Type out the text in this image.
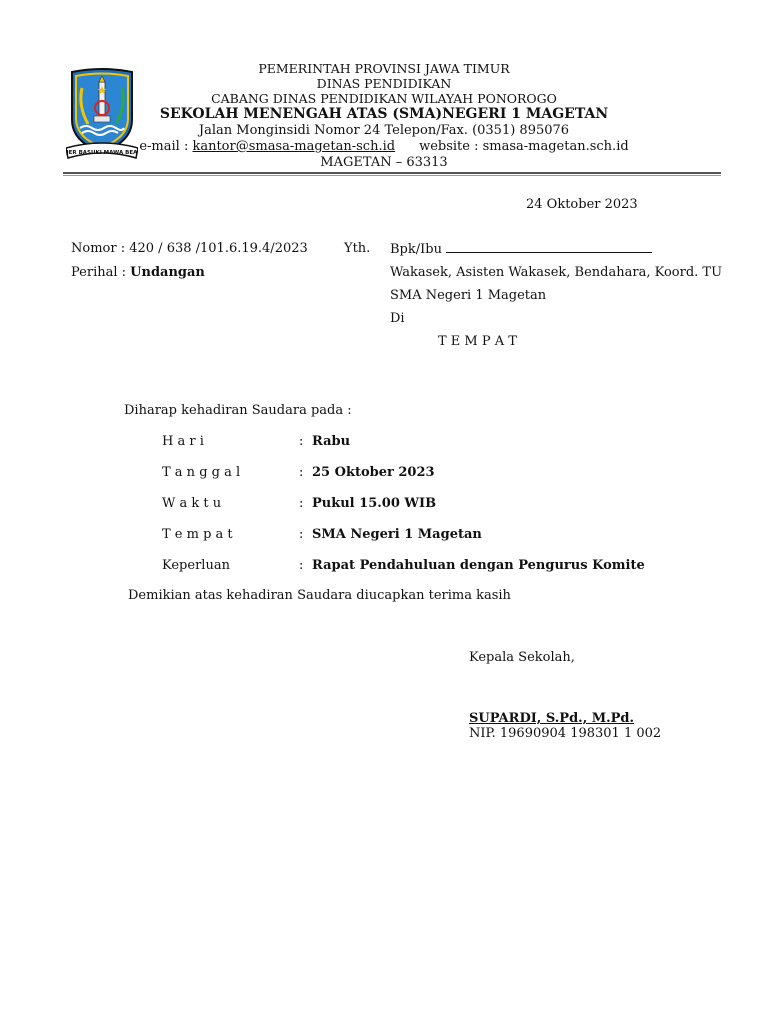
JER BASUKI MAWA BEA
PEMERINTAH PROVINSI JAWA TIMUR
DINAS PENDIDIKAN
CABANG DINAS PENDIDIKAN WILAYAH PONOROGO
SEKOLAH MENENGAH ATAS (SMA)NEGERI 1 MAGETAN
Jalan Monginsidi Nomor 24 Telepon/Fax. (0351) 895076
e-mail : kantor@smasa-magetan-sch.id website : smasa-magetan.sch.id
MAGETAN – 63313
24 Oktober 2023
Nomor : 420 / 638 /101.6.19.4/2023
Perihal : Undangan
Yth. Bpk/Ibu
Wakasek, Asisten Wakasek, Bendahara, Koord. TU
SMA Negeri 1 Magetan
Di
T E M P A T
Diharap kehadiran Saudara pada :
H a r i	: Rabu
T a n g g a l	: 25 Oktober 2023
W a k t u	: Pukul 15.00 WIB
T e m p a t	: SMA Negeri 1 Magetan
Keperluan	: Rapat Pendahuluan dengan Pengurus Komite
Demikian atas kehadiran Saudara diucapkan terima kasih
Kepala Sekolah,
SUPARDI, S.Pd., M.Pd.
NIP. 19690904 198301 1 002
